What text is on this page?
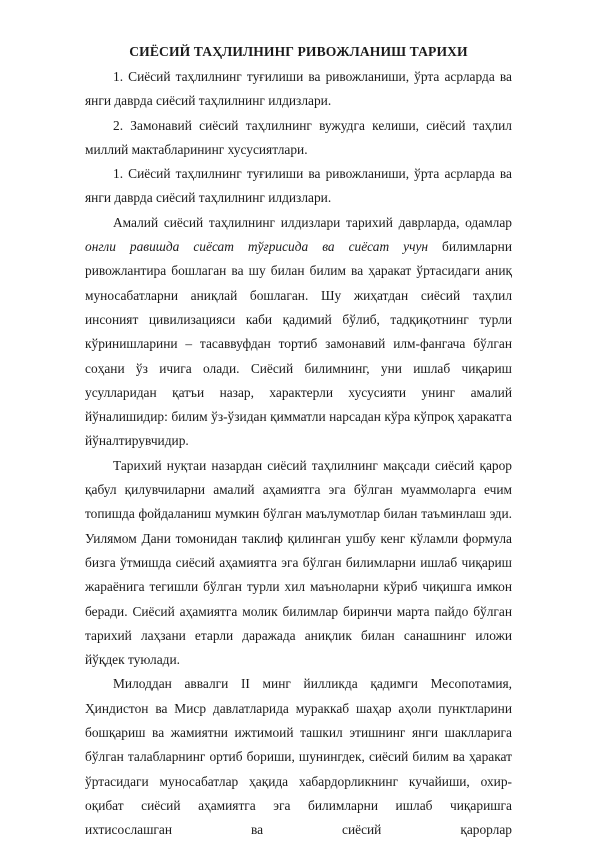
СИЁСИЙ ТАҲЛИЛНИНГ РИВОЖЛАНИШ ТАРИХИ

1. Сиёсий таҳлилнинг туғилиши ва ривожланиши, ўрта асрларда ва янги даврда сиёсий таҳлилнинг илдизлари.

2. Замонавий сиёсий таҳлилнинг вужудга келиши, сиёсий таҳлил миллий мактабларининг хусусиятлари.

1. Сиёсий таҳлилнинг туғилиши ва ривожланиши, ўрта асрларда ва янги даврда сиёсий таҳлилнинг илдизлари.

Амалий сиёсий таҳлилнинг илдизлари тарихий даврларда, одамлар онгли равишда сиёсат тўғрисида ва сиёсат учун билимларни ривожлантира бошлаган ва шу билан билим ва ҳаракат ўртасидаги аниқ муносабатларни аниқлай бошлаган. Шу жиҳатдан сиёсий таҳлил инсоният цивилизацияси каби қадимий бўлиб, тадқиқотнинг турли кўринишларини – тасаввуфдан тортиб замонавий илм-фангача бўлган соҳани ўз ичига олади. Сиёсий билимнинг, уни ишлаб чиқариш усулларидан қатъи назар, характерли хусусияти унинг амалий йўналишидир: билим ўз-ўзидан қимматли нарсадан кўра кўпроқ ҳаракатга йўналтирувчидир.

Тарихий нуқтаи назардан сиёсий таҳлилнинг мақсади сиёсий қарор қабул қилувчиларни амалий аҳамиятга эга бўлган муаммоларга ечим топишда фойдаланиш мумкин бўлган маълумотлар билан таъминлаш эди. Уилямом Дани томонидан таклиф қилинган ушбу кенг кўламли формула бизга ўтмишда сиёсий аҳамиятга эга бўлган билимларни ишлаб чиқариш жараёнига тегишли бўлган турли хил маъноларни кўриб чиқишга имкон беради. Сиёсий аҳамиятга молик билимлар биринчи марта пайдо бўлган тарихий лаҳзани етарли даражада аниқлик билан санашнинг иложи йўқдек туюлади.

Милоддан аввалги II минг йилликда қадимги Месопотамия, Ҳиндистон ва Миср давлатларида мураккаб шаҳар аҳоли пунктларини бошқариш ва жамиятни ижтимоий ташкил этишнинг янги шаклларига бўлган талабларнинг ортиб бориши, шунингдек, сиёсий билим ва ҳаракат ўртасидаги муносабатлар ҳақида хабардорликнинг кучайиши, охир-оқибат сиёсий аҳамиятга эга билимларни ишлаб чиқаришга ихтисослашган ва сиёсий қарорлар
